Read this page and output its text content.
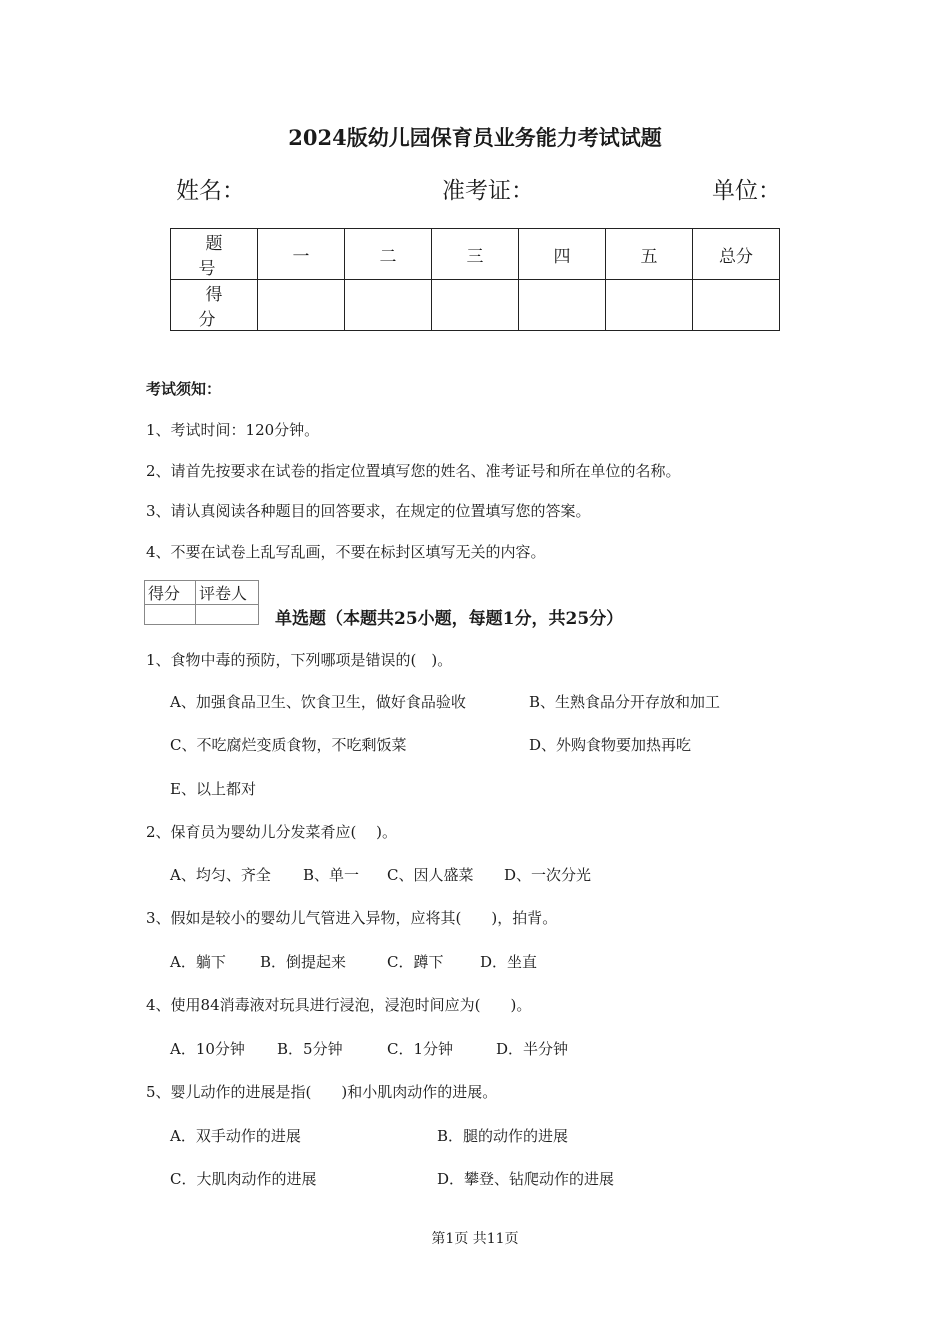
2024版幼儿园保育员业务能力考试试题
姓名：	准考证：	单位：
题　号	一	二	三	四	五	总分
得　分						
考试须知：
1、考试时间：120分钟。
2、请首先按要求在试卷的指定位置填写您的姓名、准考证号和所在单位的名称。
3、请认真阅读各种题目的回答要求，在规定的位置填写您的答案。
4、不要在试卷上乱写乱画，不要在标封区填写无关的内容。
得分	评卷人

单选题（本题共25小题，每题1分，共25分）
1、食物中毒的预防，下列哪项是错误的(　)。
A、加强食品卫生、饮食卫生，做好食品验收	B、生熟食品分开存放和加工
C、不吃腐烂变质食物，不吃剩饭菜	D、外购食物要加热再吃
E、以上都对
2、保育员为婴幼儿分发菜肴应(　 )。
A、均匀、齐全 B、单一 C、因人盛菜 D、一次分光
3、假如是较小的婴幼儿气管进入异物，应将其(　　)，拍背。
A．躺下 B．倒提起来	C．蹲下 D．坐直
4、使用84消毒液对玩具进行浸泡，浸泡时间应为(　　)。
A．10分钟 B．5分钟	C．1分钟	D．半分钟
5、婴儿动作的进展是指(　　)和小肌肉动作的进展。
A．双手动作的进展	B．腿的动作的进展
C．大肌肉动作的进展	D．攀登、钻爬动作的进展
第1页 共11页
